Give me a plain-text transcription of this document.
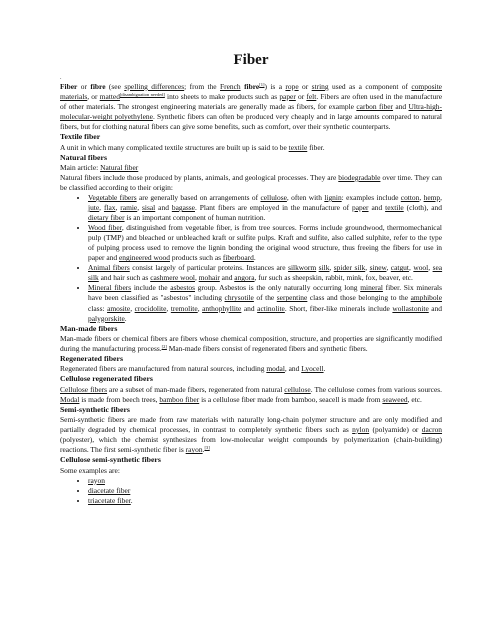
Fiber
.

Fiber or fibre (see spelling differences; from the French fibre[1]) is a rope or string used as a component of composite materials, or matted[disambiguation needed] into sheets to make products such as paper or felt. Fibers are often used in the manufacture of other materials. The strongest engineering materials are generally made as fibers, for example carbon fiber and Ultra-high-molecular-weight polyethylene. Synthetic fibers can often be produced very cheaply and in large amounts compared to natural fibers, but for clothing natural fibers can give some benefits, such as comfort, over their synthetic counterparts.

Textile fiber

A unit in which many complicated textile structures are built up is said to be textile fiber.

Natural fibers

Main article: Natural fiber

Natural fibers include those produced by plants, animals, and geological processes. They are biodegradable over time. They can be classified according to their origin:

• Vegetable fibers are generally based on arrangements of cellulose, often with lignin: examples include cotton, hemp, jute, flax, ramie, sisal and bagasse. Plant fibers are employed in the manufacture of paper and textile (cloth), and dietary fiber is an important component of human nutrition.
• Wood fiber, distinguished from vegetable fiber, is from tree sources. Forms include groundwood, thermomechanical pulp (TMP) and bleached or unbleached kraft or sulfite pulps. Kraft and sulfite, also called sulphite, refer to the type of pulping process used to remove the lignin bonding the original wood structure, thus freeing the fibers for use in paper and engineered wood products such as fiberboard.
• Animal fibers consist largely of particular proteins. Instances are silkworm silk, spider silk, sinew, catgut, wool, sea silk and hair such as cashmere wool, mohair and angora, fur such as sheepskin, rabbit, mink, fox, beaver, etc.
• Mineral fibers include the asbestos group. Asbestos is the only naturally occurring long mineral fiber. Six minerals have been classified as "asbestos" including chrysotile of the serpentine class and those belonging to the amphibole class: amosite, crocidolite, tremolite, anthophyllite and actinolite. Short, fiber-like minerals include wollastonite and palygorskite.
Man-made fibers

Man-made fibers or chemical fibers are fibers whose chemical composition, structure, and properties are significantly modified during the manufacturing process.[2] Man-made fibers consist of regenerated fibers and synthetic fibers.

Regenerated fibers

Regenerated fibers are manufactured from natural sources, including modal, and Lyocell.

Cellulose regenerated fibers

Cellulose fibers are a subset of man-made fibers, regenerated from natural cellulose. The cellulose comes from various sources. Modal is made from beech trees, bamboo fiber is a cellulose fiber made from bamboo, seacell is made from seaweed, etc.

Semi-synthetic fibers

Semi-synthetic fibers are made from raw materials with naturally long-chain polymer structure and are only modified and partially degraded by chemical processes, in contrast to completely synthetic fibers such as nylon (polyamide) or dacron (polyester), which the chemist synthesizes from low-molecular weight compounds by polymerization (chain-building) reactions. The first semi-synthetic fiber is rayon.[3]

Cellulose semi-synthetic fibers

Some examples are:

• rayon
• diacetate fiber
• triacetate fiber.
